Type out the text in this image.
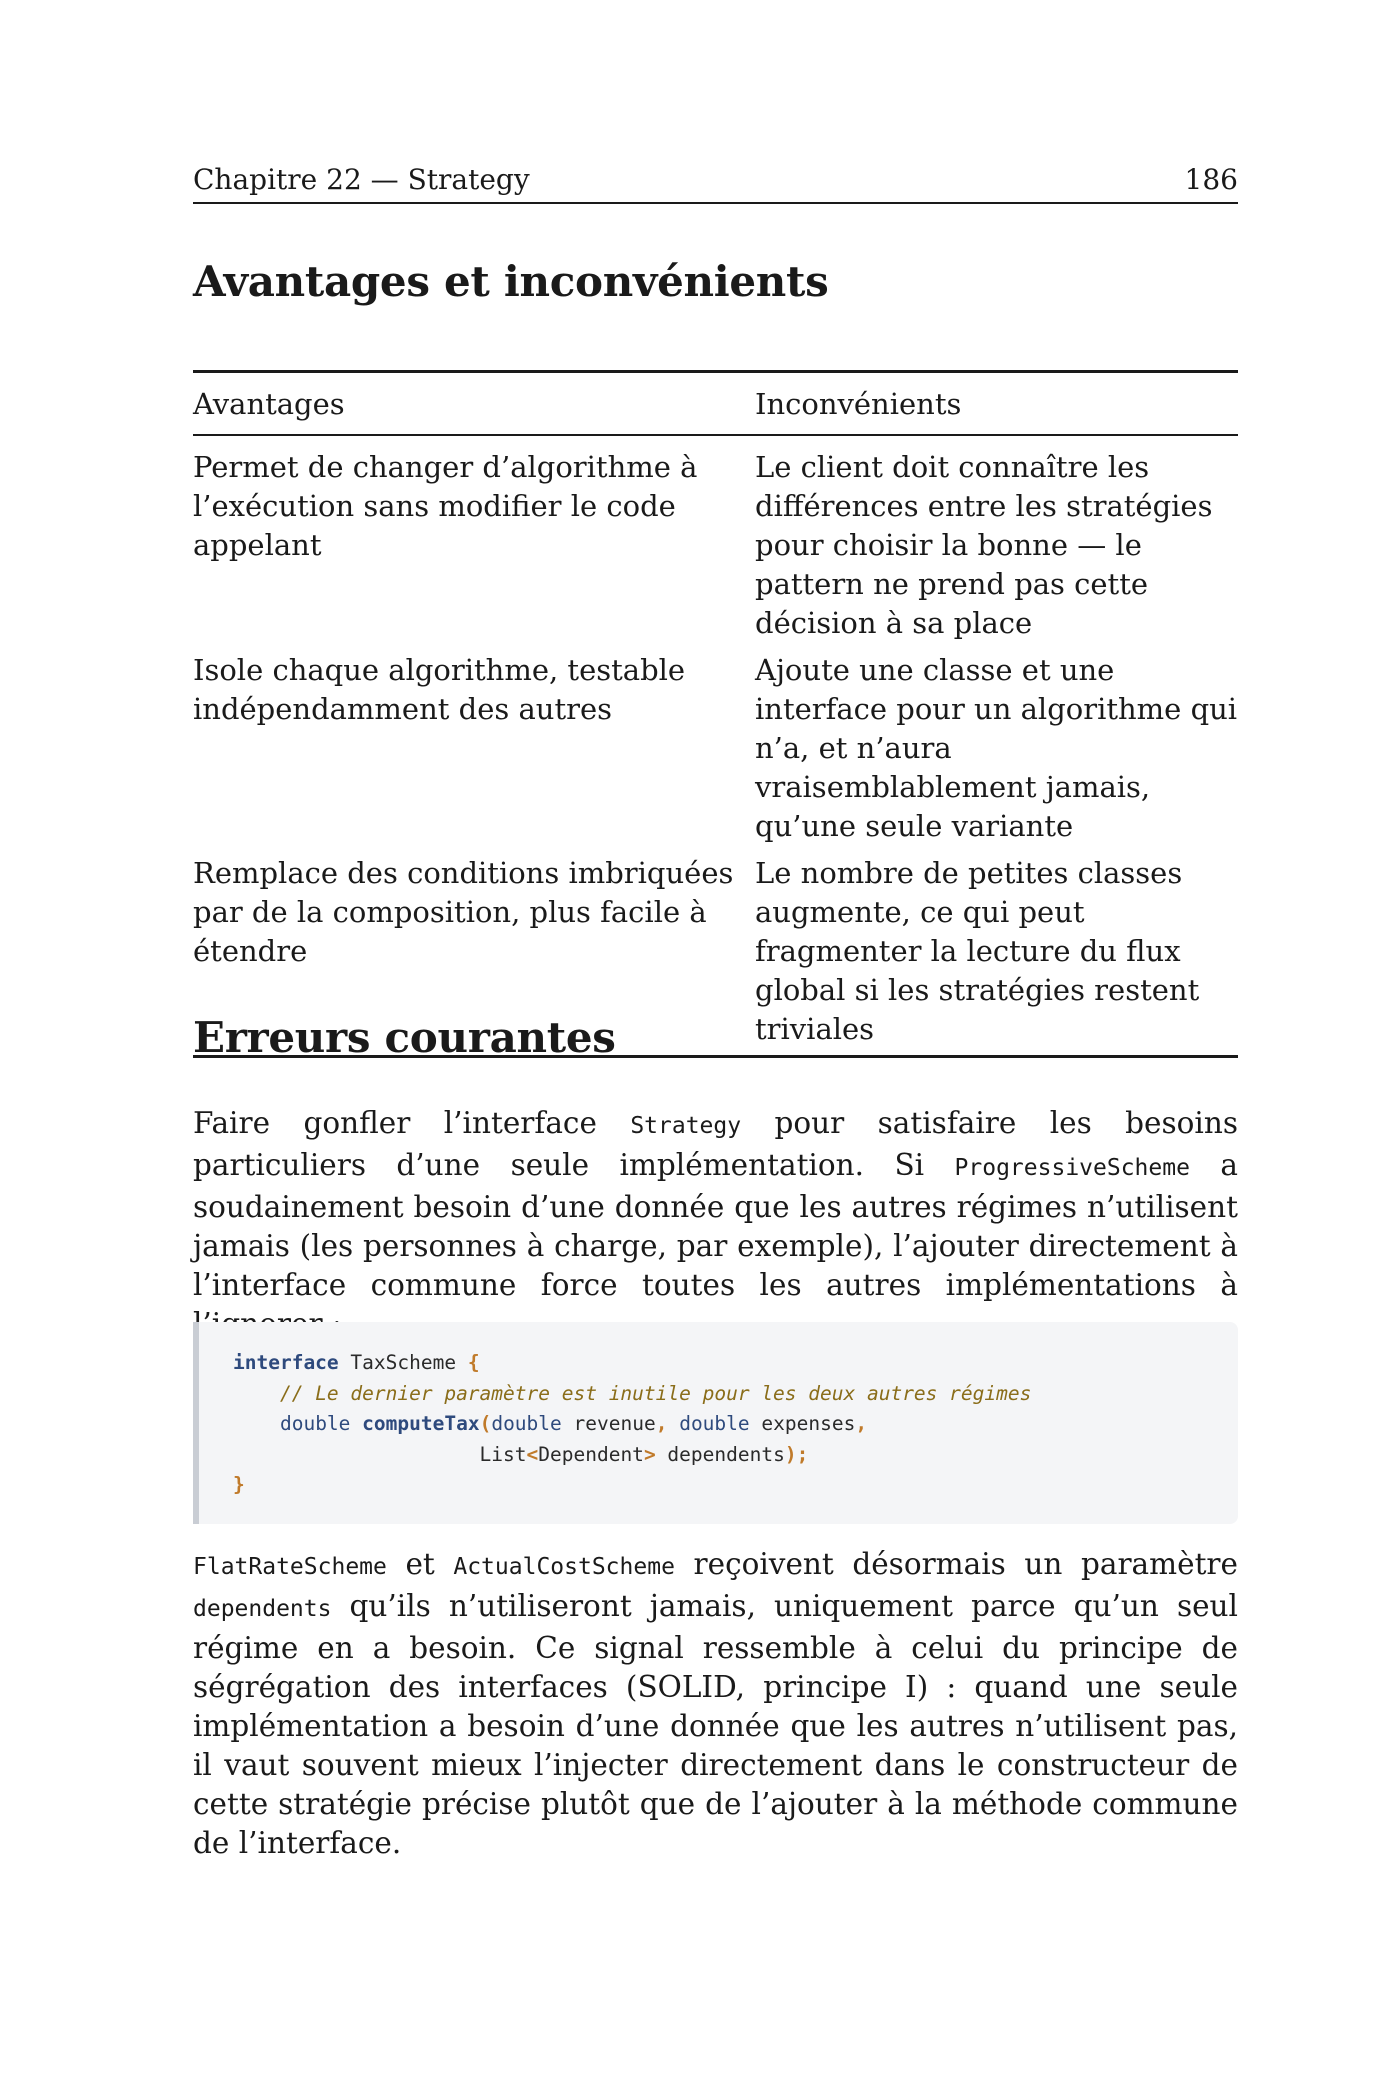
Chapitre 22 — Strategy	186
Avantages et inconvénients
Avantages	Inconvénients
Permet de changer d’algorithme à l’exécution sans modifier le code appelant	Le client doit connaître les différences entre les stratégies pour choisir la bonne — le pattern ne prend pas cette décision à sa place
Isole chaque algorithme, testable indépendamment des autres	Ajoute une classe et une interface pour un algorithme qui n’a, et n’aura vraisemblablement jamais, qu’une seule variante
Remplace des conditions imbriquées par de la composition, plus facile à étendre	Le nombre de petites classes augmente, ce qui peut fragmenter la lecture du flux global si les stratégies restent triviales
Erreurs courantes

Faire gonfler l’interface Strategy pour satisfaire les besoins particuliers d’une seule implémentation. Si ProgressiveScheme a soudainement besoin d’une donnée que les autres régimes n’utilisent jamais (les personnes à charge, par exemple), l’ajouter directement à l’interface commune force toutes les autres implémentations à

interface TaxScheme {
// Le dernier paramètre est inutile pour les deux autres régimes
double computeTax(double revenue, double expenses,
List<Dependent> dependents);
}

FlatRateScheme et ActualCostScheme reçoivent désormais un paramètre dependents qu’ils n’utiliseront jamais, uniquement parce qu’un seul régime en a besoin. Ce signal ressemble à celui du principe de ségrégation des interfaces (SOLID, principe I) : quand une seule implémentation a besoin d’une donnée que les autres n’utilisent pas, il vaut souvent mieux l’injecter directement dans le constructeur de cette stratégie précise plutôt que de l’ajouter à la méthode commune de l’interface.
